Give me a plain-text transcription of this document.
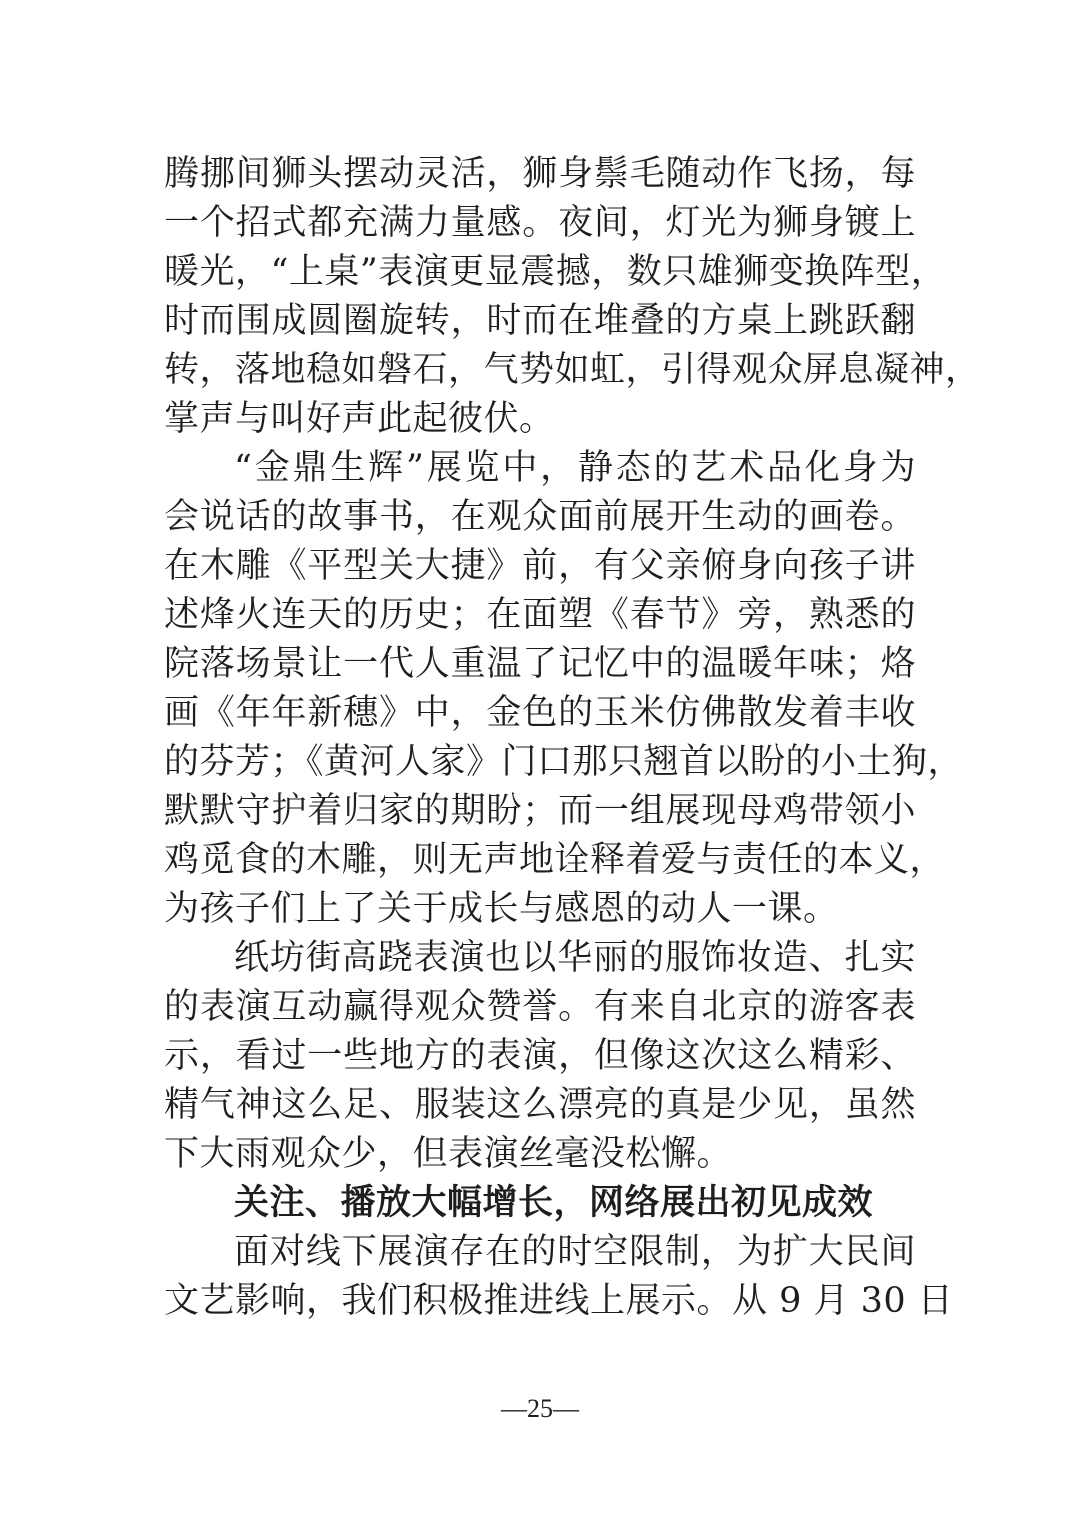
腾挪间狮头摆动灵活，狮身鬃毛随动作飞扬，每
一个招式都充满力量感。夜间，灯光为狮身镀上
暖光，“上桌”表演更显震撼，数只雄狮变换阵型，
时而围成圆圈旋转，时而在堆叠的方桌上跳跃翻
转，落地稳如磐石，气势如虹，引得观众屏息凝神，
掌声与叫好声此起彼伏。
“金鼎生辉”展览中，静态的艺术品化身为
会说话的故事书，在观众面前展开生动的画卷。
在木雕《平型关大捷》前，有父亲俯身向孩子讲
述烽火连天的历史；在面塑《春节》旁，熟悉的
院落场景让一代人重温了记忆中的温暖年味；烙
画《年年新穗》中，金色的玉米仿佛散发着丰收
的芬芳；《黄河人家》门口那只翘首以盼的小土狗，
默默守护着归家的期盼；而一组展现母鸡带领小
鸡觅食的木雕，则无声地诠释着爱与责任的本义，
为孩子们上了关于成长与感恩的动人一课。
纸坊街高跷表演也以华丽的服饰妆造、扎实
的表演互动赢得观众赞誉。有来自北京的游客表
示，看过一些地方的表演，但像这次这么精彩、
精气神这么足、服装这么漂亮的真是少见，虽然
下大雨观众少，但表演丝毫没松懈。
关注、播放大幅增长，网络展出初见成效
面对线下展演存在的时空限制，为扩大民间
文艺影响，我们积极推进线上展示。从 9 月 30 日
—25—
